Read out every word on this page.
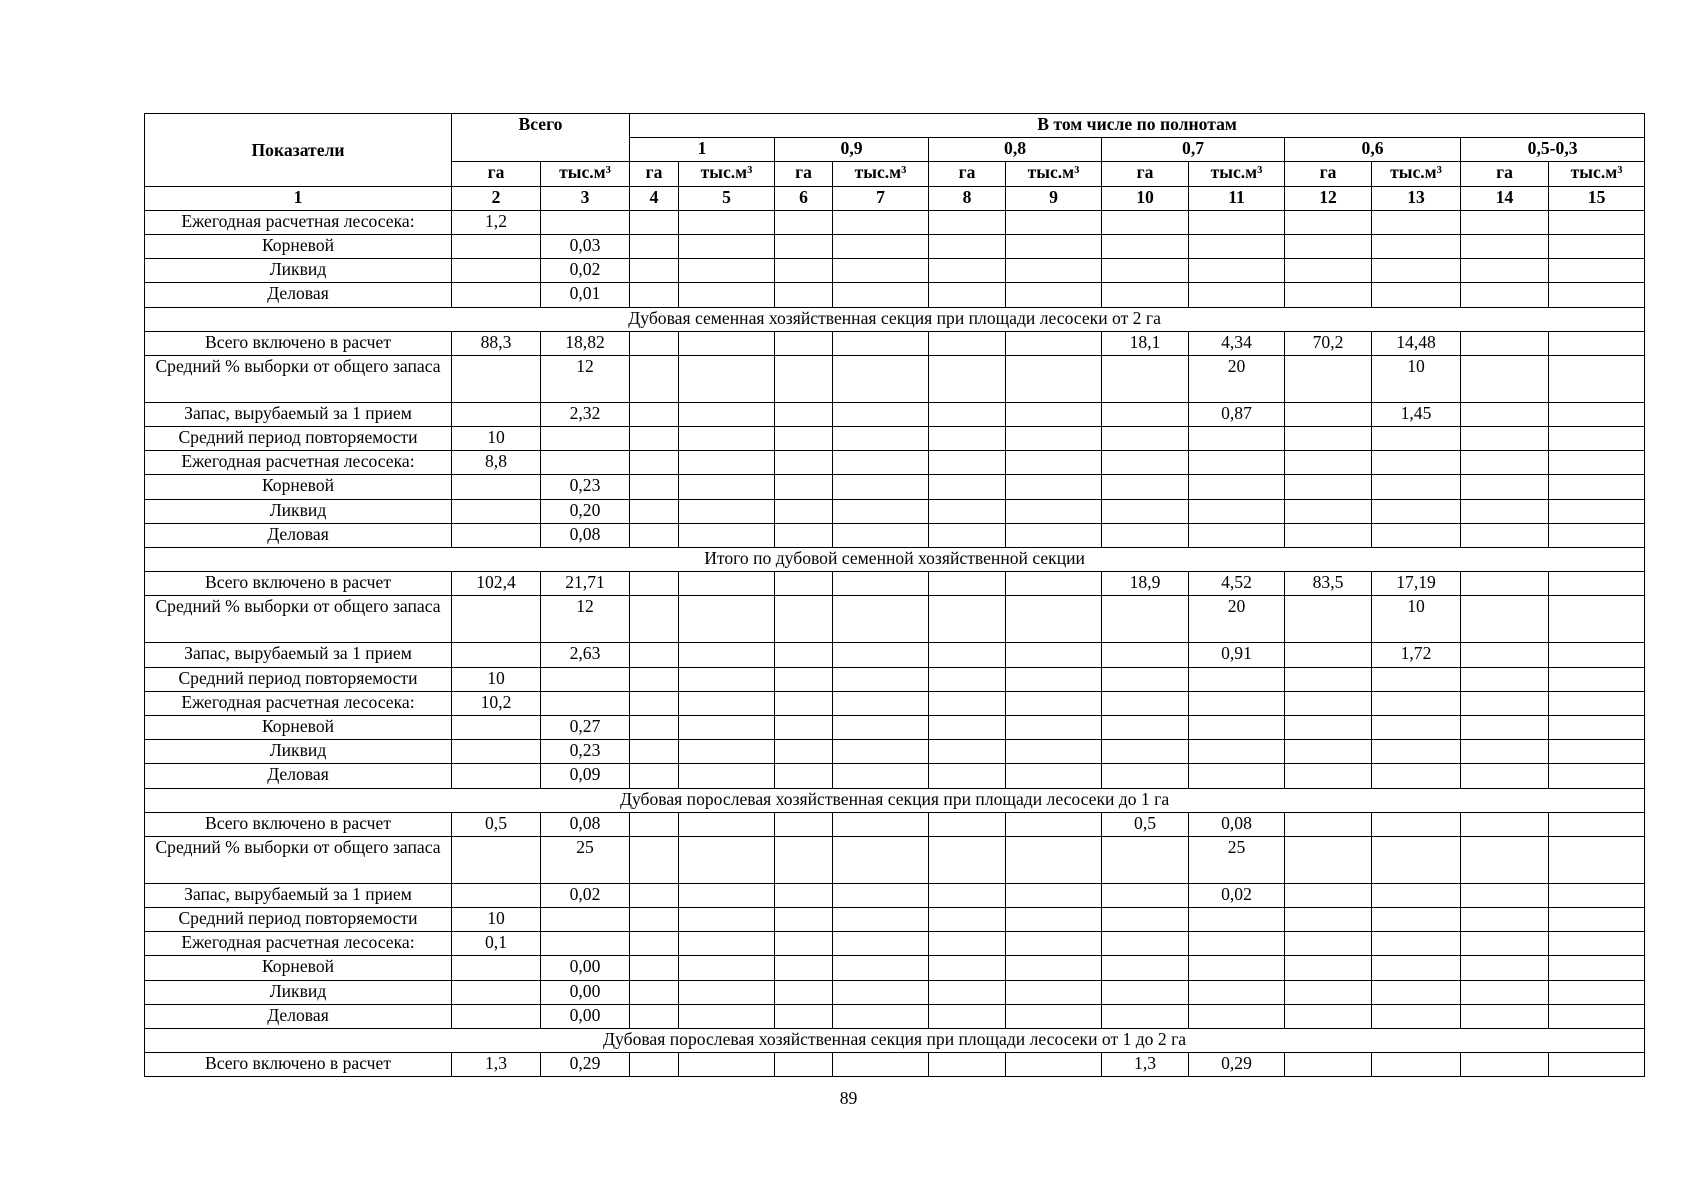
Показатели	Всего		В том числе по полнотам											
			1		0,9		0,8		0,7		0,6		0,5-0,3	
	га	тыс.м³	га	тыс.м³	га	тыс.м³	га	тыс.м³	га	тыс.м³	га	тыс.м³	га	тыс.м³
1	2	3	4	5	6	7	8	9	10	11	12	13	14	15
Ежегодная расчетная лесосека:	1,2													
Корневой		0,03												
Ликвид		0,02												
Деловая		0,01												
Дубовая семенная хозяйственная секция при площади лесосеки от 2 га														
Всего включено в расчет	88,3	18,82							18,1	4,34	70,2	14,48		
Средний % выборки от общего запаса		12								20		10		
Запас, вырубаемый за 1 прием		2,32								0,87		1,45		
Средний период повторяемости	10													
Ежегодная расчетная лесосека:	8,8													
Корневой		0,23												
Ликвид		0,20												
Деловая		0,08												
Итого по дубовой семенной хозяйственной секции														
Всего включено в расчет	102,4	21,71							18,9	4,52	83,5	17,19		
Средний % выборки от общего запаса		12								20		10		
Запас, вырубаемый за 1 прием		2,63								0,91		1,72		
Средний период повторяемости	10													
Ежегодная расчетная лесосека:	10,2													
Корневой		0,27												
Ликвид		0,23												
Деловая		0,09												
Дубовая порослевая хозяйственная секция при площади лесосеки до 1 га														
Всего включено в расчет	0,5	0,08							0,5	0,08				
Средний % выборки от общего запаса		25								25				
Запас, вырубаемый за 1 прием		0,02								0,02				
Средний период повторяемости	10													
Ежегодная расчетная лесосека:	0,1													
Корневой		0,00												
Ликвид		0,00												
Деловая		0,00												
Дубовая порослевая хозяйственная секция при площади лесосеки от 1 до 2 га														
Всего включено в расчет	1,3	0,29							1,3	0,29				
89
